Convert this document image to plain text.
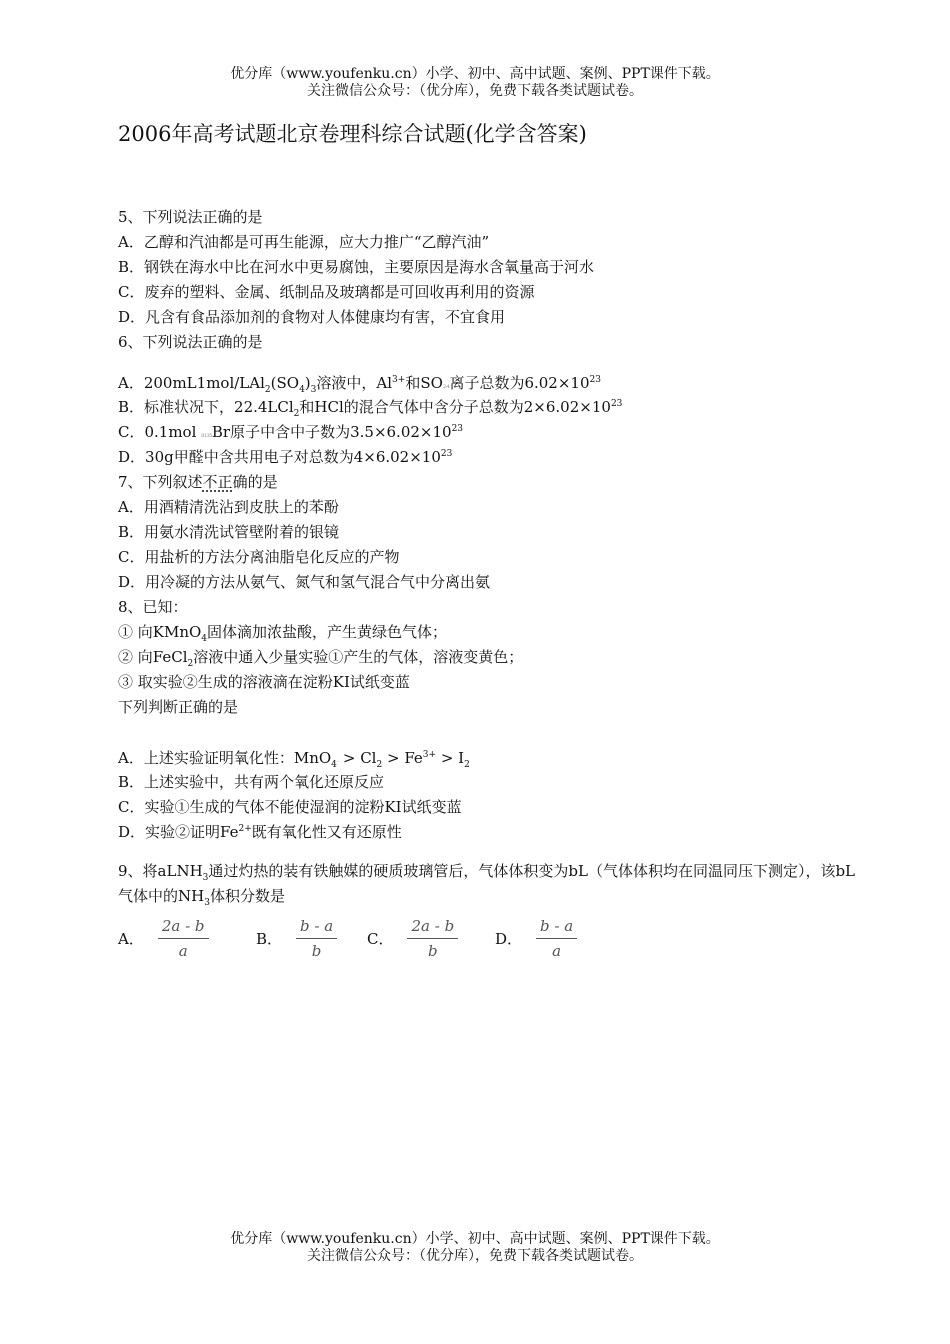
优分库（www.youfenku.cn）小学、初中、高中试题、案例、PPT课件下载。
关注微信公众号：（优分库），免费下载各类试题试卷。
2006年高考试题北京卷理科综合试题(化学含答案)
5、下列说法正确的是
A．乙醇和汽油都是可再生能源，应大力推广“乙醇汽油”
B．钢铁在海水中比在河水中更易腐蚀，主要原因是海水含氧量高于河水
C．废弃的塑料、金属、纸制品及玻璃都是可回收再利用的资源
D．凡含有食品添加剂的食物对人体健康均有害，不宜食用
6、下列说法正确的是
A．$200mL1mol/LAl_2(SO_4)_3$溶液中，$Al^{3+}$和SO2-4离子总数为$6.02\times 10^{23}$
B．标准状况下，22.4LCl$_2$和HCl的混合气体中含分子总数为$2\times 6.02\times 10^{23}$
C．0.1mol 8135Br原子中含中子数为$3.5\times 6.02\times 10^{23}$
D．30g甲醛中含共用电子对总数为$4\times 6.02\times 10^{23}$
7、下列叙述不正确的是
A．用酒精清洗沾到皮肤上的苯酚
B．用氨水清洗试管壁附着的银镜
C．用盐析的方法分离油脂皂化反应的产物
D．用冷凝的方法从氨气、氮气和氢气混合气中分离出氨
8、已知：
① 向KMnO$_4$固体滴加浓盐酸，产生黄绿色气体；
② 向FeCl$_2$溶液中通入少量实验①产生的气体，溶液变黄色；
③ 取实验②生成的溶液滴在淀粉KI试纸变蓝
下列判断正确的是
A．上述实验证明氧化性：$MnO_4- > Cl_2 > Fe^{3+} > I_2$
B．上述实验中，共有两个氧化还原反应
C．实验①生成的气体不能使湿润的淀粉KI试纸变蓝
D．实验②证明$Fe^{2+}$既有氧化性又有还原性
9、将aLNH$_3$通过灼热的装有铁触媒的硬质玻璃管后，气体体积变为bL（气体体积均在同温同压下测定），该bL气体中的$NH_3$体积分数是
A． $\frac{2a - b}{a}$	B． $\frac{b - a}{b}$ C． $\frac{2a - b}{b}$ D． $\frac{b - a}{a}$
优分库（www.youfenku.cn）小学、初中、高中试题、案例、PPT课件下载。
关注微信公众号：（优分库），免费下载各类试题试卷。
